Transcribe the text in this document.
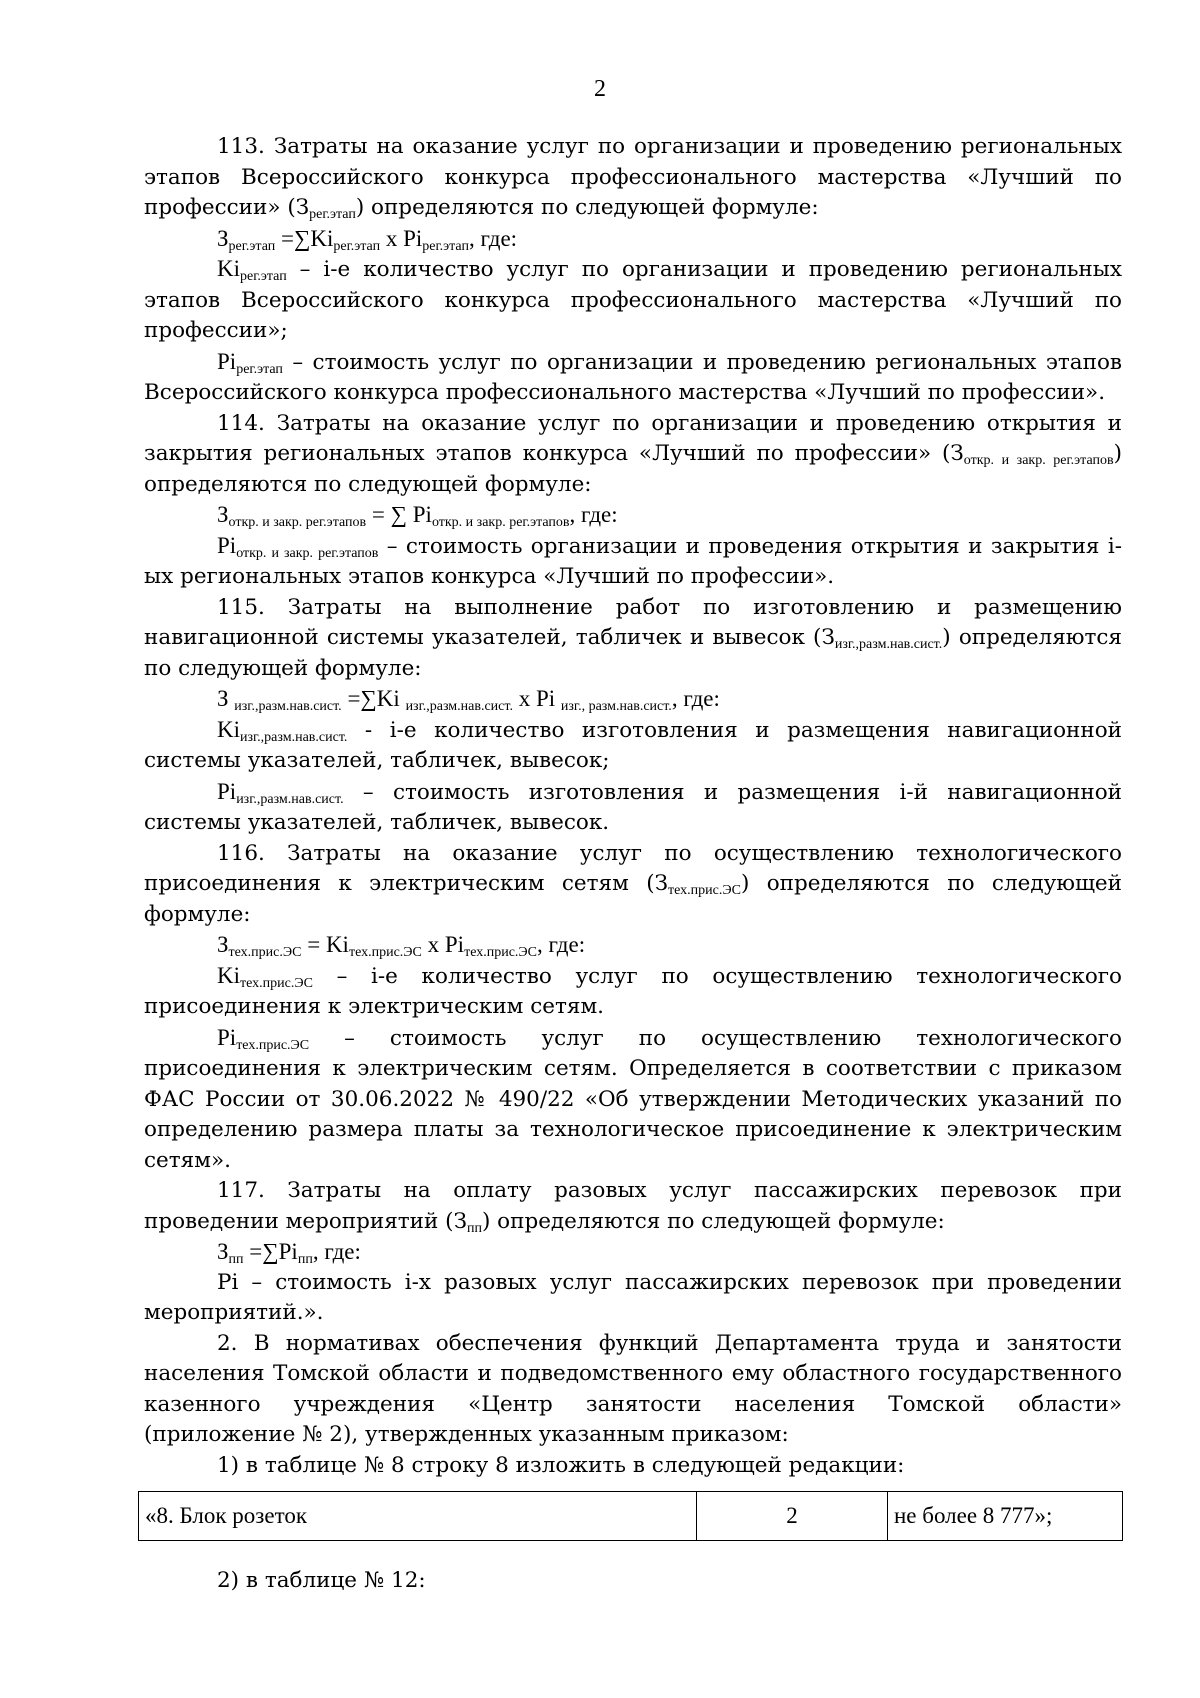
2

113. Затраты на оказание услуг по организации и проведению региональных этапов Всероссийского конкурса профессионального мастерства «Лучший по профессии» $(З_{рег.этап})$ определяются по следующей формуле:

$З_{рег.этап} =\sum Ki_{рег.этап}$ x $Pi_{рег.этап}$, где:

$Ki_{рег.этап} - i-е$ количество услуг по организации и проведению региональных этапов Всероссийского конкурса профессионального мастерства «Лучший по профессии»;

$Pi_{рег.этап}$ – стоимость услуг по организации и проведению региональных этапов Всероссийского конкурса профессионального мастерства «Лучший по профессии».

114. Затраты на оказание услуг по организации и проведению открытия и закрытия региональных этапов конкурса «Лучший по профессии» $(З_{откр. и закр. рег.этапов})$ определяются по следующей формуле:

$З_{откр. и закр. рег.этапов}$ = ∑ $Pi_{откр. и закр. рег.этапов}$, где:

$Pi_{откр. и закр. рег.этапов}$ – стоимость организации и проведения открытия и закрытия i-ых региональных этапов конкурса «Лучший по профессии».

115. Затраты на выполнение работ по изготовлению и размещению навигационной системы указателей, табличек и вывесок $(З_{изг.,разм.нав.сист.})$ определяются по следующей формуле:

З $_{изг.,разм.нав.сист.}$ =∑Ki $_{изг.,разм.нав.сист.}$ x Pi $_{изг., разм.нав.сист.}$, где:

$Ki_{изг.,разм.нав.сист.} - i-е$ количество изготовления и размещения навигационной системы указателей, табличек, вывесок;

$Pi_{изг.,разм.нав.сист.}$ – стоимость изготовления и размещения i-й навигационной системы указателей, табличек, вывесок.

116. Затраты на оказание услуг по осуществлению технологического присоединения к электрическим сетям $(З_{тех.прис.ЭС})$ определяются по следующей формуле:

$З_{тех.прис.ЭС} = Ki_{тех.прис.ЭС}$ x $Pi_{тех.прис.ЭС}$, где:

$Ki_{тех.прис.ЭС} - i-е$ количество услуг по осуществлению технологического присоединения к электрическим сетям.

$Pi_{тех.прис.ЭС}$ – стоимость услуг по осуществлению технологического присоединения к электрическим сетям. Определяется в соответствии с приказом ФАС России от 30.06.2022 № 490/22 «Об утверждении Методических указаний по определению размера платы за технологическое присоединение к электрическим сетям».

117. Затраты на оплату разовых услуг пассажирских перевозок при проведении мероприятий $(З_{пп})$ определяются по следующей формуле:

$З_{пп} =\sum Pi_{пп}$, где:

Pi – стоимость i-х разовых услуг пассажирских перевозок при проведении мероприятий.».

2. В нормативах обеспечения функций Департамента труда и занятости населения Томской области и подведомственного ему областного государственного казенного учреждения «Центр занятости населения Томской области» (приложение № 2), утвержденных указанным приказом:

1) в таблице № 8 строку 8 изложить в следующей редакции:
«8. Блок розеток	2	не более 8 777»;
2) в таблице № 12:
